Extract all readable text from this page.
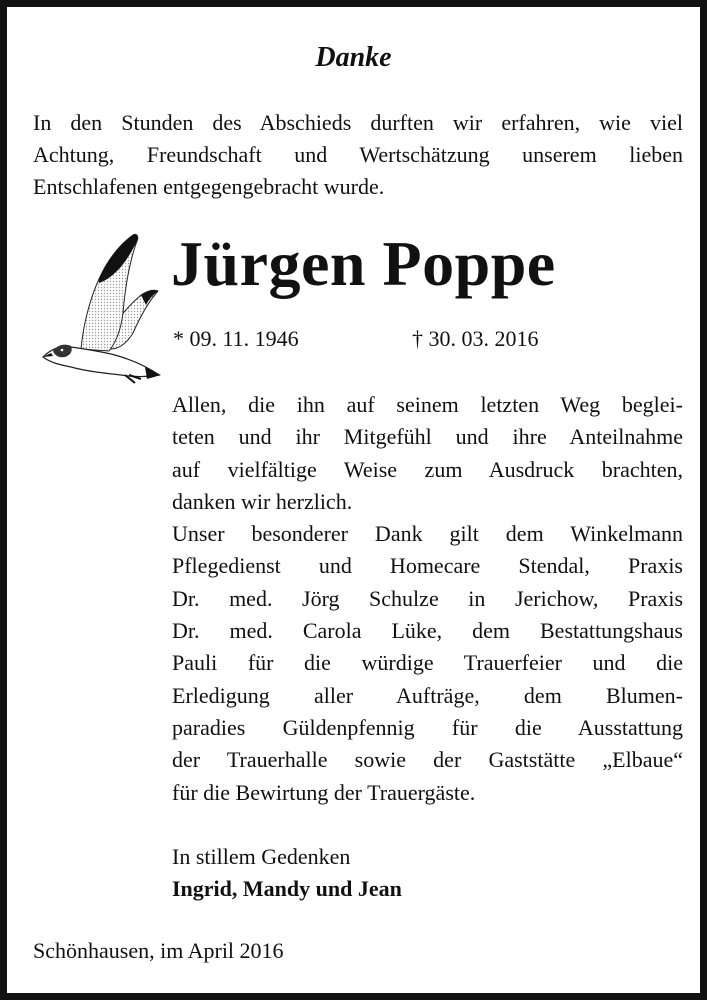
Danke

In den Stunden des Abschieds durften wir erfahren, wie viel
Achtung, Freundschaft und Wertschätzung unserem lieben
Entschlafenen entgegengebracht wurde.

Jürgen Poppe
* 09. 11. 1946	† 30. 03. 2016

Allen, die ihn auf seinem letzten Weg beglei-
teten und ihr Mitgefühl und ihre Anteilnahme
auf vielfältige Weise zum Ausdruck brachten,
danken wir herzlich.
Unser besonderer Dank gilt dem Winkelmann
Pflegedienst und Homecare Stendal, Praxis
Dr. med. Jörg Schulze in Jerichow, Praxis
Dr. med. Carola Lüke, dem Bestattungshaus
Pauli für die würdige Trauerfeier und die
Erledigung aller Aufträge, dem Blumen-
paradies Güldenpfennig für die Ausstattung
der Trauerhalle sowie der Gaststätte „Elbaue“
für die Bewirtung der Trauergäste.

In stillem Gedenken

Ingrid, Mandy und Jean

Schönhausen, im April 2016
